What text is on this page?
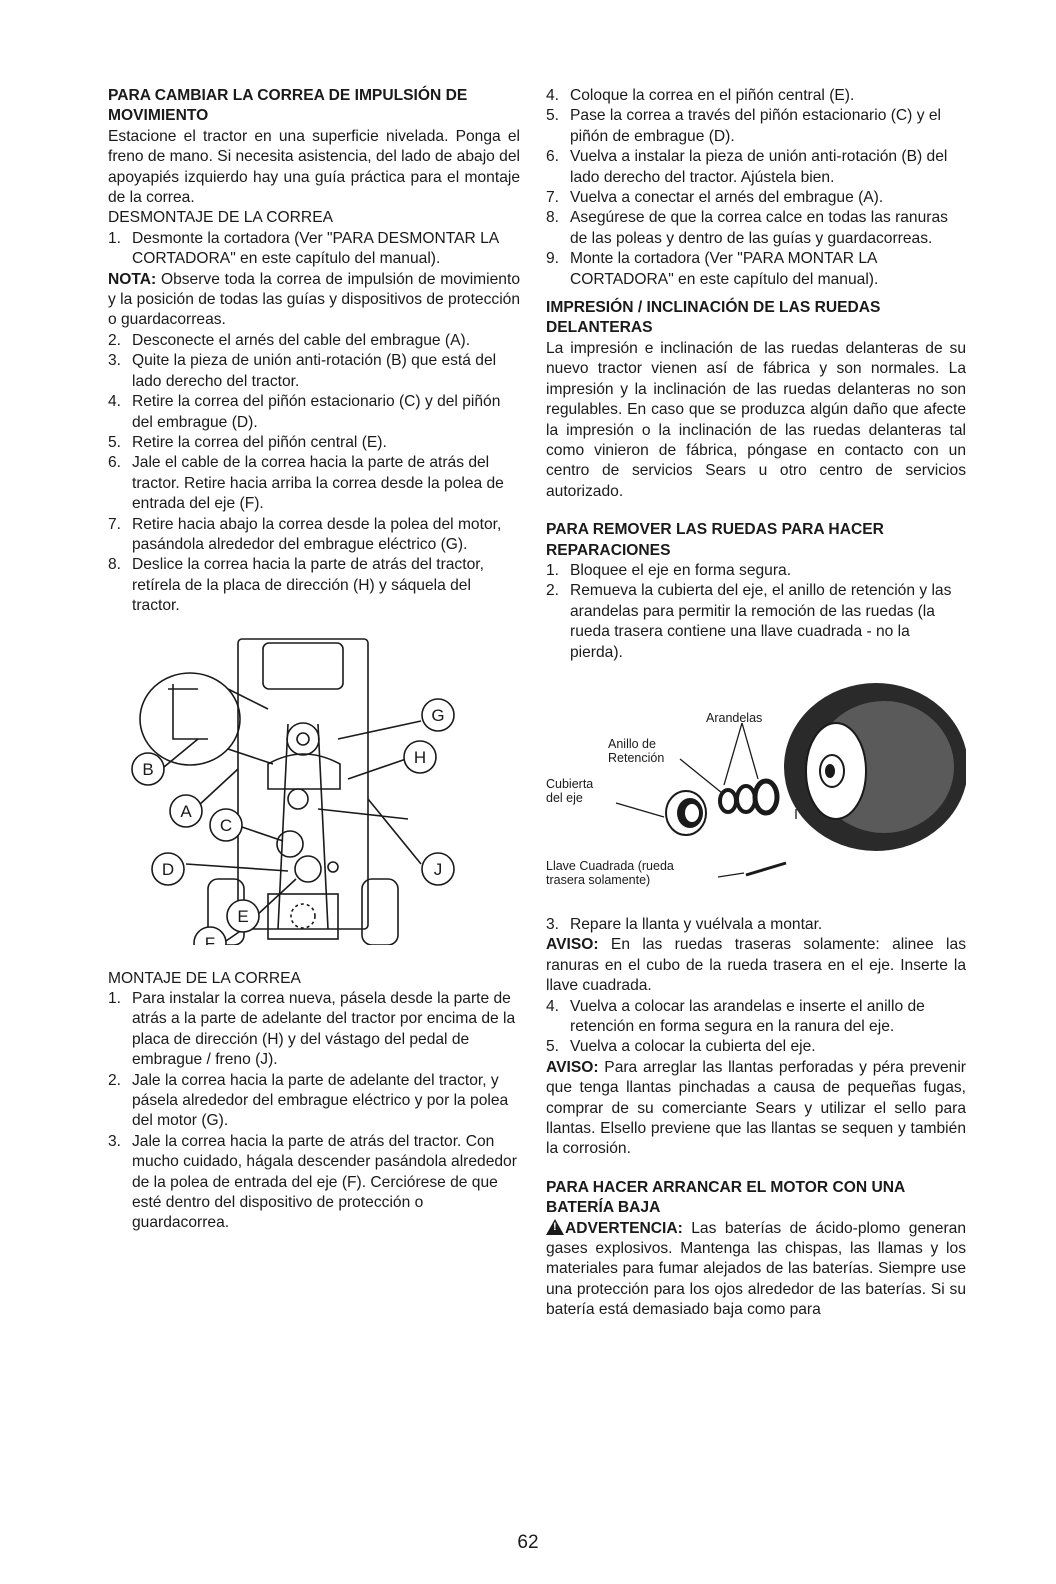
PARA CAMBIAR LA CORREA DE IMPULSIÓN DE MOVIMIENTO

Estacione el tractor en una superficie nivelada. Ponga el freno de mano. Si necesita asistencia, del lado de abajo del apoyapiés izquierdo hay una guía práctica para el montaje de la correa.

DESMONTAJE DE LA CORREA
1. Desmonte la cortadora (Ver "PARA DESMONTAR LA CORTADORA" en este capítulo del manual).

NOTA: Observe toda la correa de impulsión de movimiento y la posición de todas las guías y dispositivos de protección o guardacorreas.

2. Desconecte el arnés del cable del embrague (A).
3. Quite la pieza de unión anti-rotación (B) que está del lado derecho del tractor.
4. Retire la correa del piñón estacionario (C) y del piñón del embrague (D).
5. Retire la correa del piñón central (E).
6. Jale el cable de la correa hacia la parte de atrás del tractor. Retire hacia arriba la correa desde la polea de entrada del eje (F).
7. Retire hacia abajo la correa desde la polea del motor, pasándola alrededor del embrague eléctrico (G).
8. Deslice la correa hacia la parte de atrás del tractor, retírela de la placa de dirección (H) y sáquela del tractor.
G
H
B
A
C
D	J
E
F
MONTAJE DE LA CORREA
1. Para instalar la correa nueva, pásela desde la parte de atrás a la parte de adelante del tractor por encima de la placa de dirección (H) y del vástago del pedal de embrague / freno (J).
2. Jale la correa hacia la parte de adelante del tractor, y pásela alrededor del embrague eléctrico y por la polea del motor (G).
3. Jale la correa hacia la parte de atrás del tractor. Con mucho cuidado, hágala descender pasándola alrededor de la polea de entrada del eje (F). Cerciórese de que esté dentro del dispositivo de protección o guardacorrea.
4. Coloque la correa en el piñón central (E).
5. Pase la correa a través del piñón estacionario (C) y el piñón de embrague (D).
6. Vuelva a instalar la pieza de unión anti-rotación (B) del lado derecho del tractor. Ajústela bien.
7. Vuelva a conectar el arnés del embrague (A).
8. Asegúrese de que la correa calce en todas las ranuras de las poleas y dentro de las guías y guardacorreas.
9. Monte la cortadora (Ver "PARA MONTAR LA CORTADORA" en este capítulo del manual).
IMPRESIÓN / INCLINACIÓN DE LAS RUEDAS DELANTERAS

La impresión e inclinación de las ruedas delanteras de su nuevo tractor vienen así de fábrica y son normales. La impresión y la inclinación de las ruedas delanteras no son regulables. En caso que se produzca algún daño que afecte la impresión o la inclinación de las ruedas delanteras tal como vinieron de fábrica, póngase en contacto con un centro de servicios Sears u otro centro de servicios autorizado.

PARA REMOVER LAS RUEDAS PARA HACER REPARACIONES
1. Bloquee el eje en forma segura.
2. Remueva la cubierta del eje, el anillo de retención y las arandelas para permitir la remoción de las ruedas (la rueda trasera contiene una llave cuadrada - no la pierda).
Arandelas
Anillo de Retención
Cubierta del eje
Llave Cuadrada (rueda trasera solamente)
3. Repare la llanta y vuélvala a montar.

AVISO: En las ruedas traseras solamente: alinee las ranuras en el cubo de la rueda trasera en el eje. Inserte la llave cuadrada.

4. Vuelva a colocar las arandelas e inserte el anillo de retención en forma segura en la ranura del eje.
5. Vuelva a colocar la cubierta del eje.

AVISO: Para arreglar las llantas perforadas y péra prevenir que tenga llantas pinchadas a causa de pequeñas fugas, comprar de su comerciante Sears y utilizar el sello para llantas. Elsello previene que las llantas se sequen y también la corrosión.

PARA HACER ARRANCAR EL MOTOR CON UNA BATERÍA BAJA

!ADVERTENCIA: Las baterías de ácido-plomo generan gases explosivos. Mantenga las chispas, las llamas y los materiales para fumar alejados de las baterías. Siempre use una protección para los ojos alrededor de las baterías. Si su batería está demasiado baja como para

62
